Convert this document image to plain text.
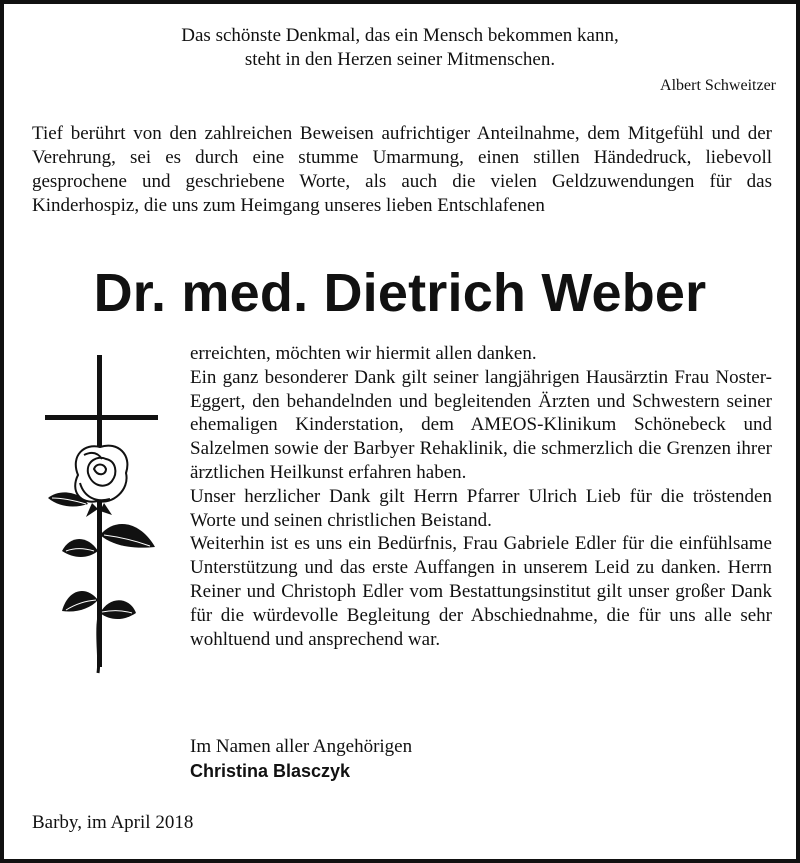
Das schönste Denkmal, das ein Mensch bekommen kann,
steht in den Herzen seiner Mitmenschen.
Albert Schweitzer
Tief berührt von den zahlreichen Beweisen aufrichtiger Anteilnahme, dem Mitgefühl und der Verehrung, sei es durch eine stumme Umarmung, einen stillen Händedruck, liebevoll gesprochene und geschriebene Worte, als auch die vielen Geldzuwendungen für das Kinderhospiz, die uns zum Heimgang unseres lieben Entschlafenen
Dr. med. Dietrich Weber

erreichten, möchten wir hiermit allen danken.

Ein ganz besonderer Dank gilt seiner langjährigen Hausärztin Frau Noster-Eggert, den behandelnden und begleitenden Ärzten und Schwestern seiner ehemaligen Kinderstation, dem AMEOS-Klinikum Schönebeck und Salzelmen sowie der Barbyer Rehaklinik, die schmerzlich die Grenzen ihrer ärztlichen Heilkunst erfahren haben.

Unser herzlicher Dank gilt Herrn Pfarrer Ulrich Lieb für die tröstenden Worte und seinen christlichen Beistand.

Weiterhin ist es uns ein Bedürfnis, Frau Gabriele Edler für die einfühlsame Unterstützung und das erste Auffangen in unserem Leid zu danken. Herrn Reiner und Christoph Edler vom Bestattungsinstitut gilt unser großer Dank für die würdevolle Begleitung der Abschiednahme, die für uns alle sehr wohltuend und ansprechend war.

Im Namen aller Angehörigen
Christina Blasczyk
Barby, im April 2018
